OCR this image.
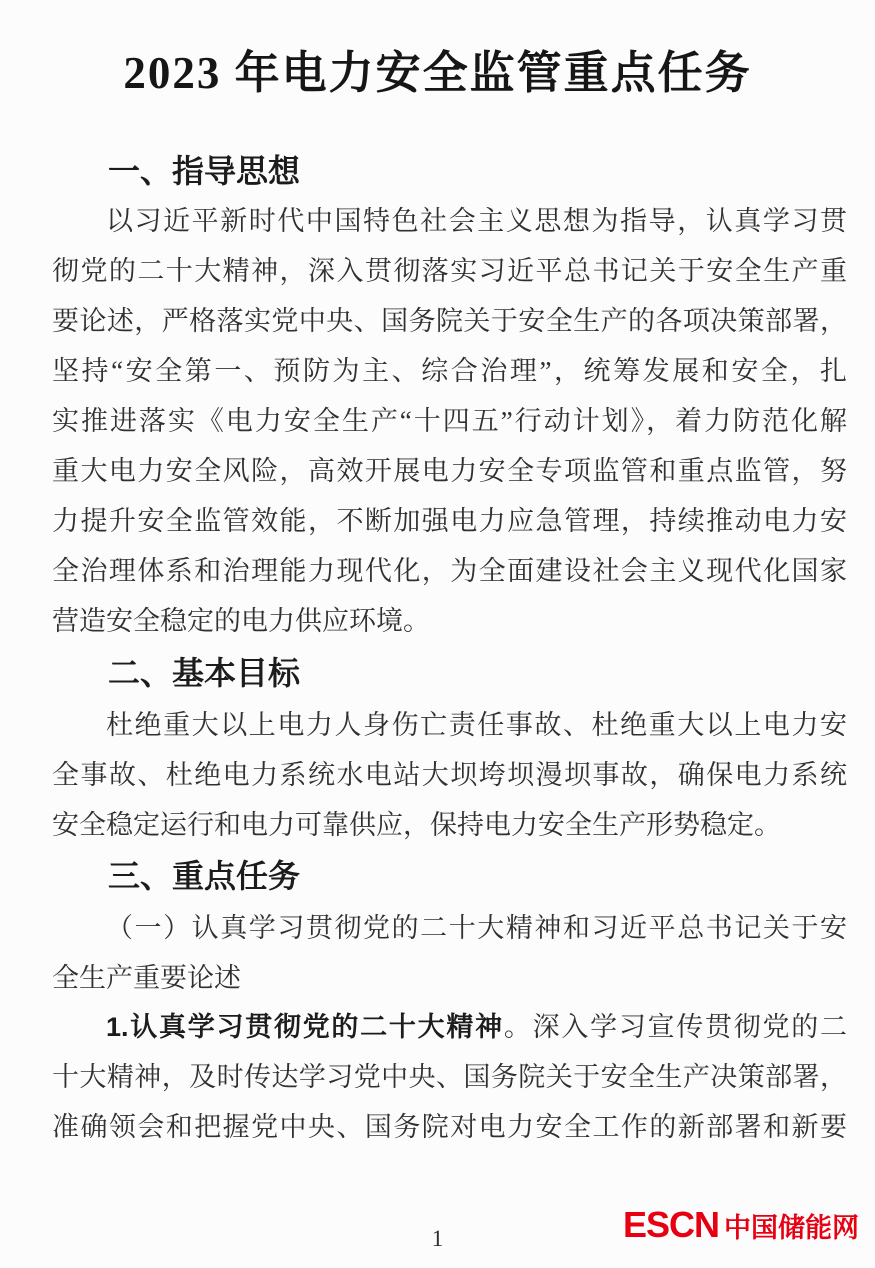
2023 年电力安全监管重点任务
一、指导思想
以习近平新时代中国特色社会主义思想为指导，认真学习贯
彻党的二十大精神，深入贯彻落实习近平总书记关于安全生产重
要论述，严格落实党中央、国务院关于安全生产的各项决策部署，
坚持“安全第一、预防为主、综合治理”，统筹发展和安全，扎
实推进落实《电力安全生产“十四五”行动计划》，着力防范化解
重大电力安全风险，高效开展电力安全专项监管和重点监管，努
力提升安全监管效能，不断加强电力应急管理，持续推动电力安
全治理体系和治理能力现代化，为全面建设社会主义现代化国家
营造安全稳定的电力供应环境。
二、基本目标
杜绝重大以上电力人身伤亡责任事故、杜绝重大以上电力安
全事故、杜绝电力系统水电站大坝垮坝漫坝事故，确保电力系统
安全稳定运行和电力可靠供应，保持电力安全生产形势稳定。
三、重点任务
（一）认真学习贯彻党的二十大精神和习近平总书记关于安
全生产重要论述
1.认真学习贯彻党的二十大精神。深入学习宣传贯彻党的二
十大精神，及时传达学习党中央、国务院关于安全生产决策部署，
准确领会和把握党中央、国务院对电力安全工作的新部署和新要
1	ESCN 中国储能网
